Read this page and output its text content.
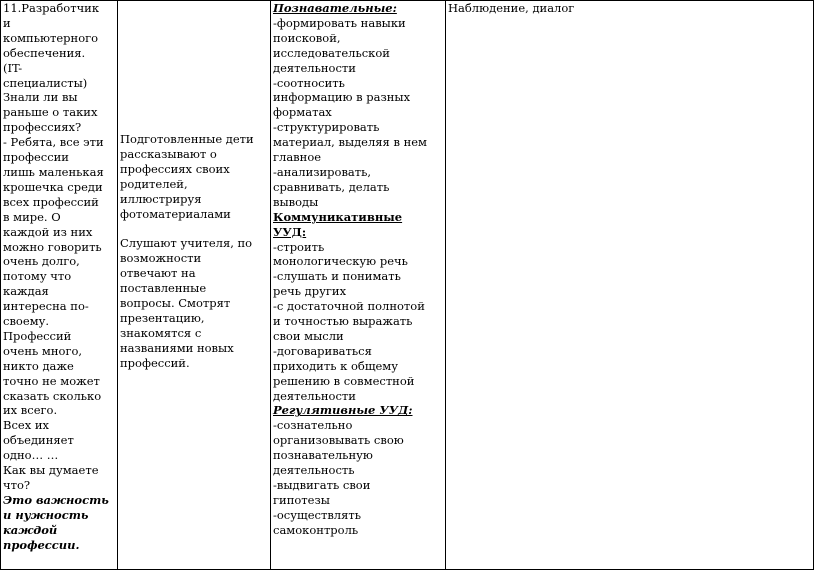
11.Разработчик
и
компьютерного
обеспечения.
(IT-
специалисты)
Знали ли вы
раньше о таких
профессиях?
- Ребята, все эти
профессии
лишь маленькая
крошечка среди
всех профессий
в мире. О
каждой из них
можно говорить
очень долго,
потому что
каждая
интересна по-
своему.
Профессий
очень много,
никто даже
точно не может
сказать сколько
их всего.
Всех их
объединяет
одно… …
Как вы думаете
что?
Это важность
и нужность
каждой
профессии.

Подготовленные дети
рассказывают о
профессиях своих
родителей,
иллюстрируя
фотоматериалами
Слушают учителя, по
возможности
отвечают на
поставленные
вопросы. Смотрят
презентацию,
знакомятся с
названиями новых
профессий.

Познавательные:
-формировать навыки
поисковой,
исследовательской
деятельности
-соотносить
информацию в разных
форматах
-структурировать
материал, выделяя в нем
главное
-анализировать,
сравнивать, делать
выводы
Коммуникативные
УУД:
-строить
монологическую речь
-слушать и понимать
речь других
-с достаточной полнотой
и точностью выражать
свои мысли
-договариваться
приходить к общему
решению в совместной
деятельности
Регулятивные УУД:
-сознательно
организовывать свою
познавательную
деятельность
-выдвигать свои
гипотезы
-осуществлять
самоконтроль

Наблюдение, диалог
